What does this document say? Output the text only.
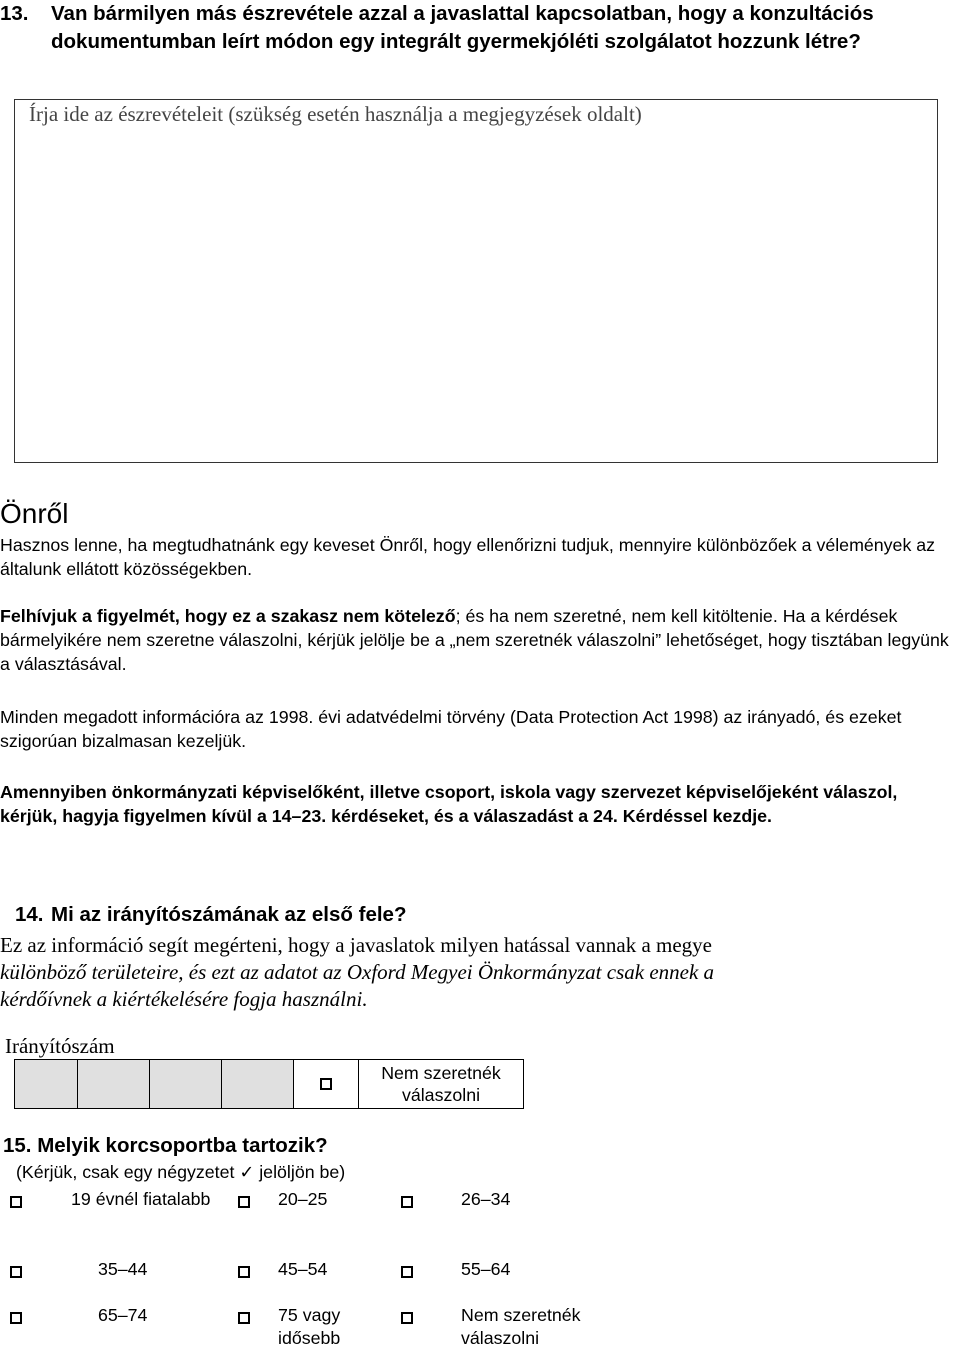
13. Van bármilyen más észrevétele azzal a javaslattal kapcsolatban, hogy a konzultációs dokumentumban leírt módon egy integrált gyermekjóléti szolgálatot hozzunk létre?
Írja ide az észrevételeit (szükség esetén használja a megjegyzések oldalt)
Önről
Hasznos lenne, ha megtudhatnánk egy keveset Önről, hogy ellenőrizni tudjuk, mennyire különbözőek a vélemények az általunk ellátott közösségekben.
Felhívjuk a figyelmét, hogy ez a szakasz nem kötelező; és ha nem szeretné, nem kell kitöltenie. Ha a kérdések bármelyikére nem szeretne válaszolni, kérjük jelölje be a „nem szeretnék válaszolni” lehetőséget, hogy tisztában legyünk a választásával.
Minden megadott információra az 1998. évi adatvédelmi törvény (Data Protection Act 1998) az irányadó, és ezeket szigorúan bizalmasan kezeljük.
Amennyiben önkormányzati képviselőként, illetve csoport, iskola vagy szervezet képviselőjeként válaszol, kérjük, hagyja figyelmen kívül a 14–23. kérdéseket, és a válaszadást a 24. Kérdéssel kezdje.
14. Mi az irányítószámának az első fele?
Ez az információ segít megérteni, hogy a javaslatok milyen hatással vannak a megye
különböző területeire, és ezt az adatot az Oxford Megyei Önkormányzat csak ennek a
kérdőívnek a kiértékelésére fogja használni.
Irányítószám

Nem szeretnék
válaszolni
15. Melyik korcsoportba tartozik?
(Kérjük, csak egy négyzetet ✓ jelöljön be)
	19 évnél fiatalabb		20–25		26–34
	35–44		45–54		55–64
	65–74		75 vagy idősebb		Nem szeretnék válaszolni
